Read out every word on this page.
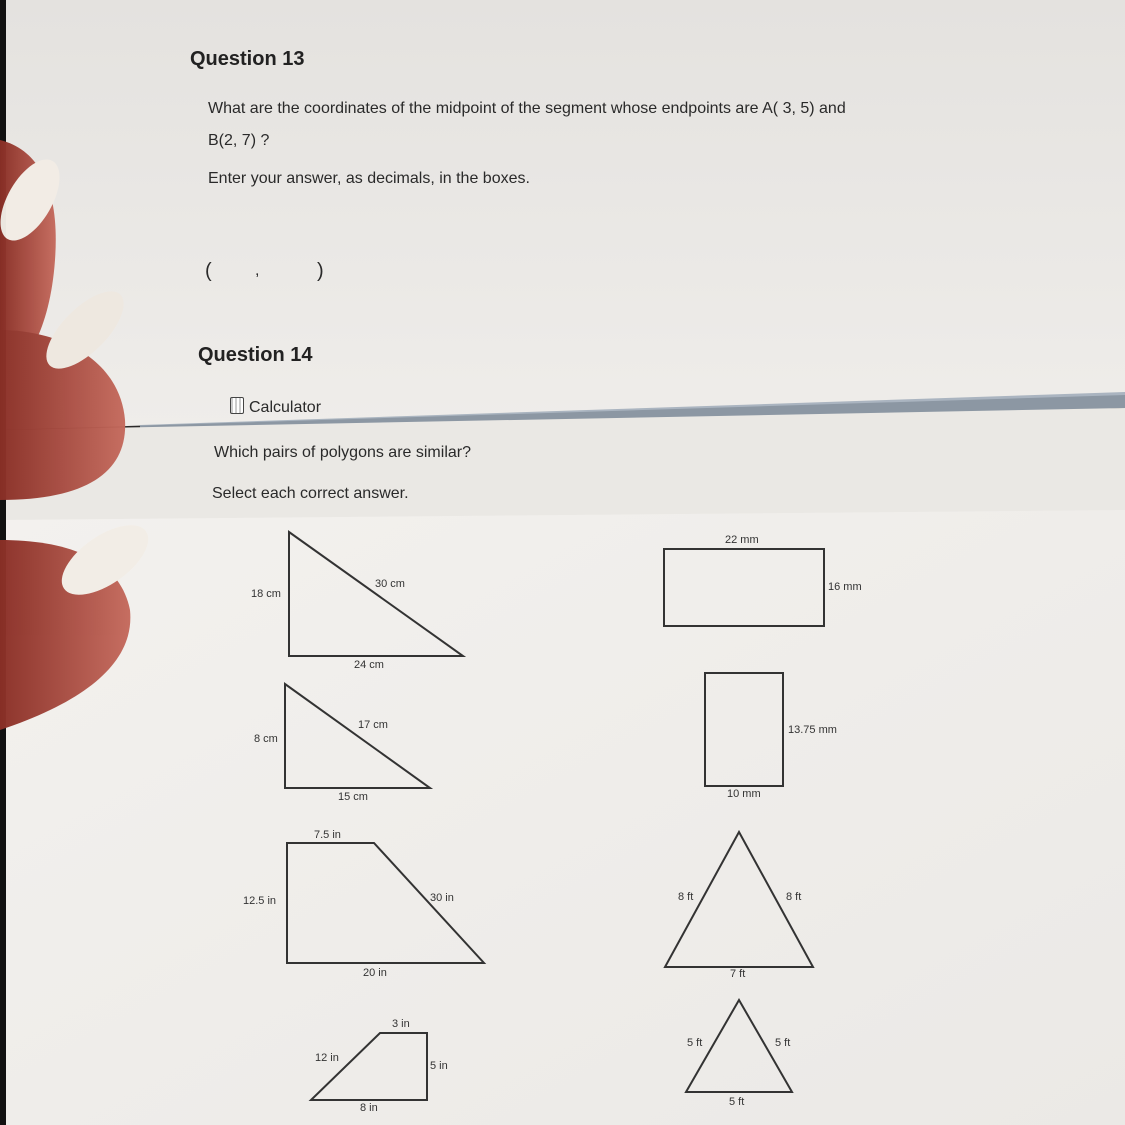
Question 13
What are the coordinates of the midpoint of the segment whose endpoints are A( 3, 5) and
B(2, 7) ?
Enter your answer, as decimals, in the boxes.
(	,	)
Question 14
Calculator
Which pairs of polygons are similar?
Select each correct answer.
18 cm
30 cm
24 cm
8 cm
17 cm
15 cm
22 mm
16 mm
13.75 mm
10 mm
7.5 in
12.5 in	30 in
20 in
3 in
12 in
5 in
8 in
8 ft	8 ft
7 ft
5 ft	5 ft
5 ft
